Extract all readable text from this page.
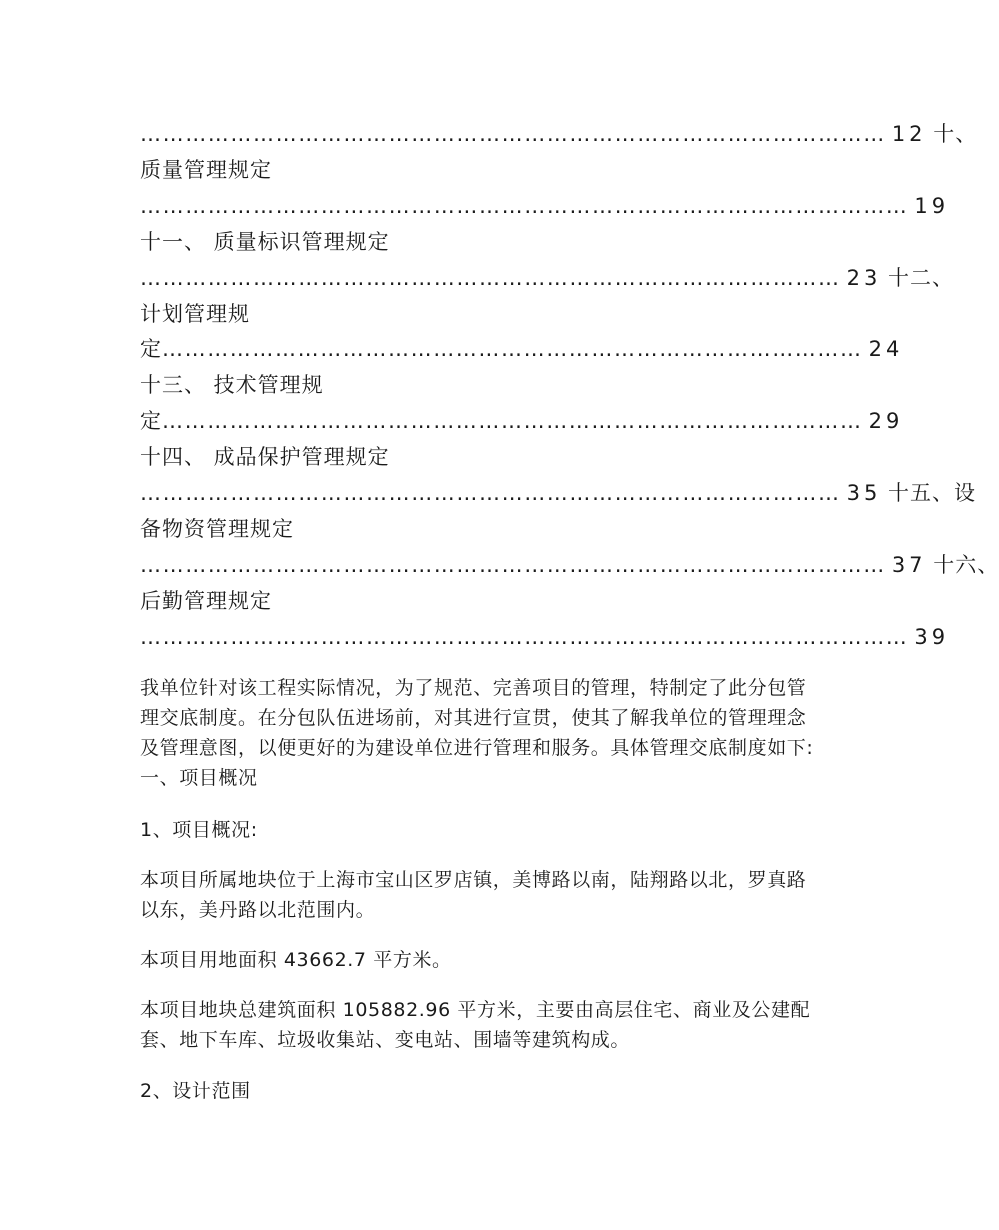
……………………………………………………………………………………… 12 十、
质量管理规定
………………………………………………………………………………………… 19
十一、 质量标识管理规定
………………………………………………………………………………… 23 十二、
计划管理规
定………………………………………………………………………………… 24
十三、 技术管理规
定………………………………………………………………………………… 29
十四、 成品保护管理规定
………………………………………………………………………………… 35 十五、设
备物资管理规定
……………………………………………………………………………………… 37 十六、
后勤管理规定
………………………………………………………………………………………… 39

我单位针对该工程实际情况，为了规范、完善项目的管理，特制定了此分包管理交底制度。在分包队伍进场前，对其进行宣贯，使其了解我单位的管理理念及管理意图，以便更好的为建设单位进行管理和服务。具体管理交底制度如下: 一、项目概况

1、项目概况:

本项目所属地块位于上海市宝山区罗店镇，美博路以南，陆翔路以北，罗真路以东，美丹路以北范围内。

本项目用地面积 43662.7 平方米。

本项目地块总建筑面积 105882.96 平方米，主要由高层住宅、商业及公建配套、地下车库、垃圾收集站、变电站、围墙等建筑构成。

2、设计范围
